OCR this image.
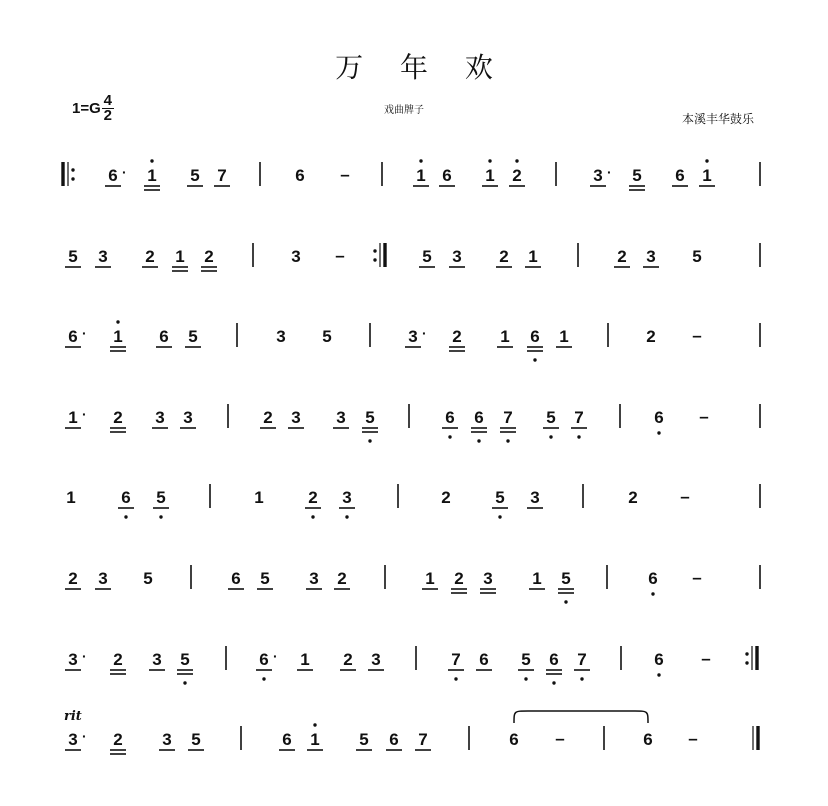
万 年 欢
$1=G \frac{4}{2}$	戏曲牌子
本溪丰华鼓乐
rit
6 · 1 5 7	6 –	1 6 1 2	3 · 5 6 1
5 3 2 1 2	3 –	5 3 2 1	2 3 5
6 · 1 6 5	3 5	3 · 2 1 6 1	2 –
1 · 2 3 3	2 3 3 5	6 6 7 5 7	6 –
1	6 5	1	2 3	2	5 3	2	–
2 3 5	6 5 3 2	1 2 3 1 5	6 –
3 · 2 3 5	6 · 1 2 3	7 6 5 6 7	6 –
3 · 2 3 5	6 1 5 6 7	6 –	6 –
